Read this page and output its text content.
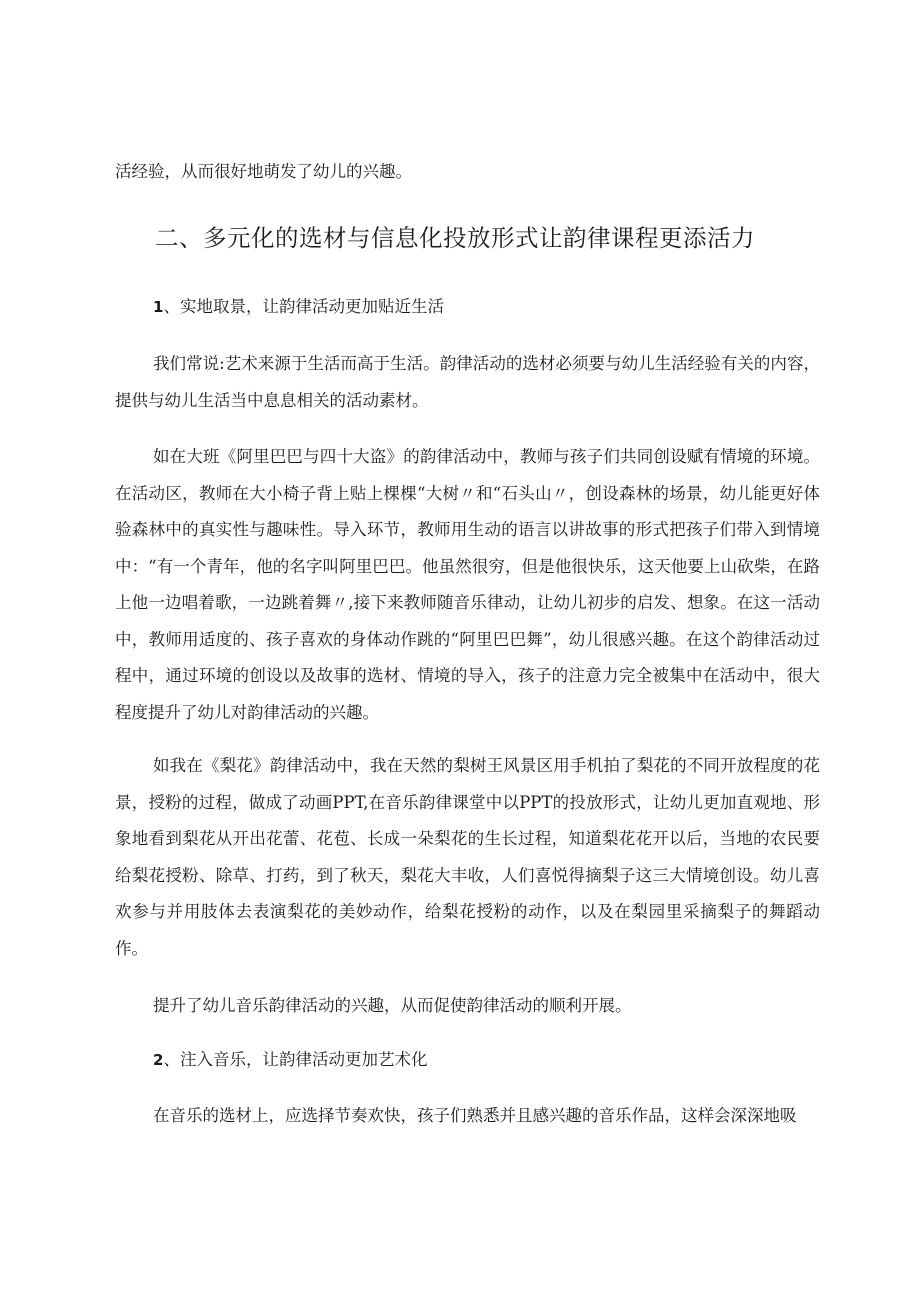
活经验，从而很好地萌发了幼儿的兴趣。

二、多元化的选材与信息化投放形式让韵律课程更添活力

1、实地取景，让韵律活动更加贴近生活

我们常说:艺术来源于生活而高于生活。韵律活动的选材必须要与幼儿生活经验有关的内容，提供与幼儿生活当中息息相关的活动素材。

如在大班《阿里巴巴与四十大盗》的韵律活动中，教师与孩子们共同创设赋有情境的环境。在活动区，教师在大小椅子背上贴上棵棵“大树〃和“石头山〃，创设森林的场景，幼儿能更好体验森林中的真实性与趣味性。导入环节，教师用生动的语言以讲故事的形式把孩子们带入到情境中：“有一个青年，他的名字叫阿里巴巴。他虽然很穷，但是他很快乐，这天他要上山砍柴，在路上他一边唱着歌，一边跳着舞〃,接下来教师随音乐律动，让幼儿初步的启发、想象。在这一活动中，教师用适度的、孩子喜欢的身体动作跳的“阿里巴巴舞”，幼儿很感兴趣。在这个韵律活动过程中，通过环境的创设以及故事的选材、情境的导入，孩子的注意力完全被集中在活动中，很大程度提升了幼儿对韵律活动的兴趣。

如我在《梨花》韵律活动中，我在天然的梨树王风景区用手机拍了梨花的不同开放程度的花景，授粉的过程，做成了动画PPT,在音乐韵律课堂中以PPT的投放形式，让幼儿更加直观地、形象地看到梨花从开出花蕾、花苞、长成一朵梨花的生长过程，知道梨花花开以后，当地的农民要给梨花授粉、除草、打药，到了秋天，梨花大丰收，人们喜悦得摘梨子这三大情境创设。幼儿喜欢参与并用肢体去表演梨花的美妙动作，给梨花授粉的动作，以及在梨园里采摘梨子的舞蹈动作。

提升了幼儿音乐韵律活动的兴趣，从而促使韵律活动的顺利开展。

2、注入音乐，让韵律活动更加艺术化

在音乐的选材上，应选择节奏欢快，孩子们熟悉并且感兴趣的音乐作品，这样会深深地吸
